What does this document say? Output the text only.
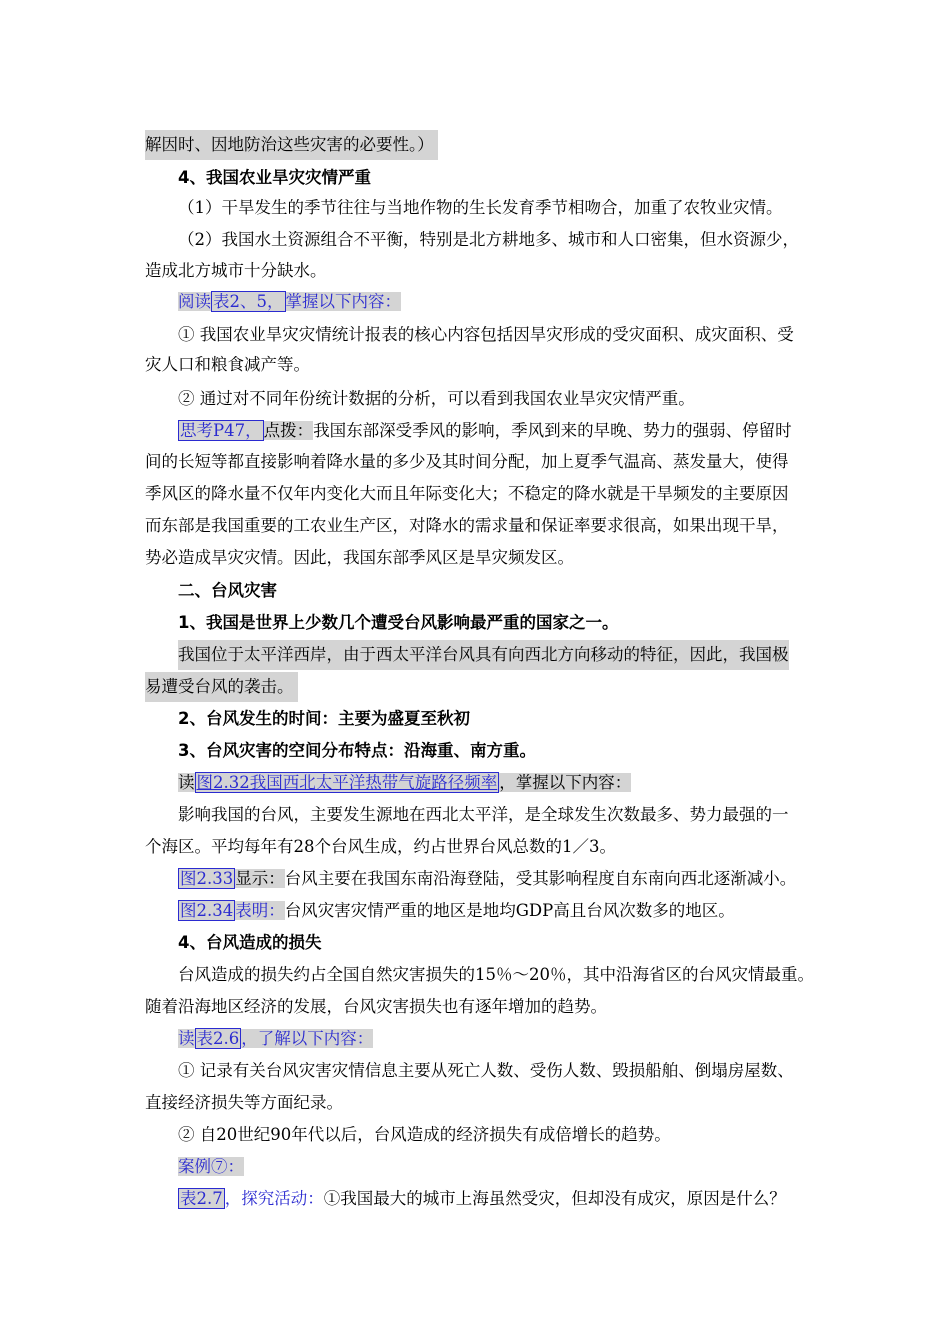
解因时、因地防治这些灾害的必要性。）
4、我国农业旱灾灾情严重
（1）干旱发生的季节往往与当地作物的生长发育季节相吻合，加重了农牧业灾情。
（2）我国水土资源组合不平衡，特别是北方耕地多、城市和人口密集，但水资源少，
造成北方城市十分缺水。
阅读 表2、5， 掌握以下内容：
① 我国农业旱灾灾情统计报表的核心内容包括因旱灾形成的受灾面积、成灾面积、受
灾人口和粮食减产等。
② 通过对不同年份统计数据的分析，可以看到我国农业旱灾灾情严重。
思考P47， 点拨：我国东部深受季风的影响，季风到来的早晚、势力的强弱、停留时
间的长短等都直接影响着降水量的多少及其时间分配，加上夏季气温高、蒸发量大，使得
季风区的降水量不仅年内变化大而且年际变化大；不稳定的降水就是干旱频发的主要原因
而东部是我国重要的工农业生产区，对降水的需求量和保证率要求很高，如果出现干旱，
势必造成旱灾灾情。因此，我国东部季风区是旱灾频发区。
二、台风灾害
1、我国是世界上少数几个遭受台风影响最严重的国家之一。
我国位于太平洋西岸，由于西太平洋台风具有向西北方向移动的特征，因此，我国极
易遭受台风的袭击。
2、台风发生的时间：主要为盛夏至秋初
3、台风灾害的空间分布特点：沿海重、南方重。
读 图2.32我国西北太平洋热带气旋路径频率 ，掌握以下内容：
影响我国的台风，主要发生源地在西北太平洋，是全球发生次数最多、势力最强的一
个海区。平均每年有28个台风生成，约占世界台风总数的1／3。
图2.33 显示：台风主要在我国东南沿海登陆，受其影响程度自东南向西北逐渐减小。
图2.34 表明：台风灾害灾情严重的地区是地均GDP高且台风次数多的地区。
4、台风造成的损失
台风造成的损失约占全国自然灾害损失的15％～20％，其中沿海省区的台风灾情最重。
随着沿海地区经济的发展，台风灾害损失也有逐年增加的趋势。
读 表2.6 ，了解以下内容：
① 记录有关台风灾害灾情信息主要从死亡人数、受伤人数、毁损船舶、倒塌房屋数、
直接经济损失等方面纪录。
② 自20世纪90年代以后，台风造成的经济损失有成倍增长的趋势。
案例⑦：
表2.7 ，探究活动：①我国最大的城市上海虽然受灾，但却没有成灾，原因是什么？
